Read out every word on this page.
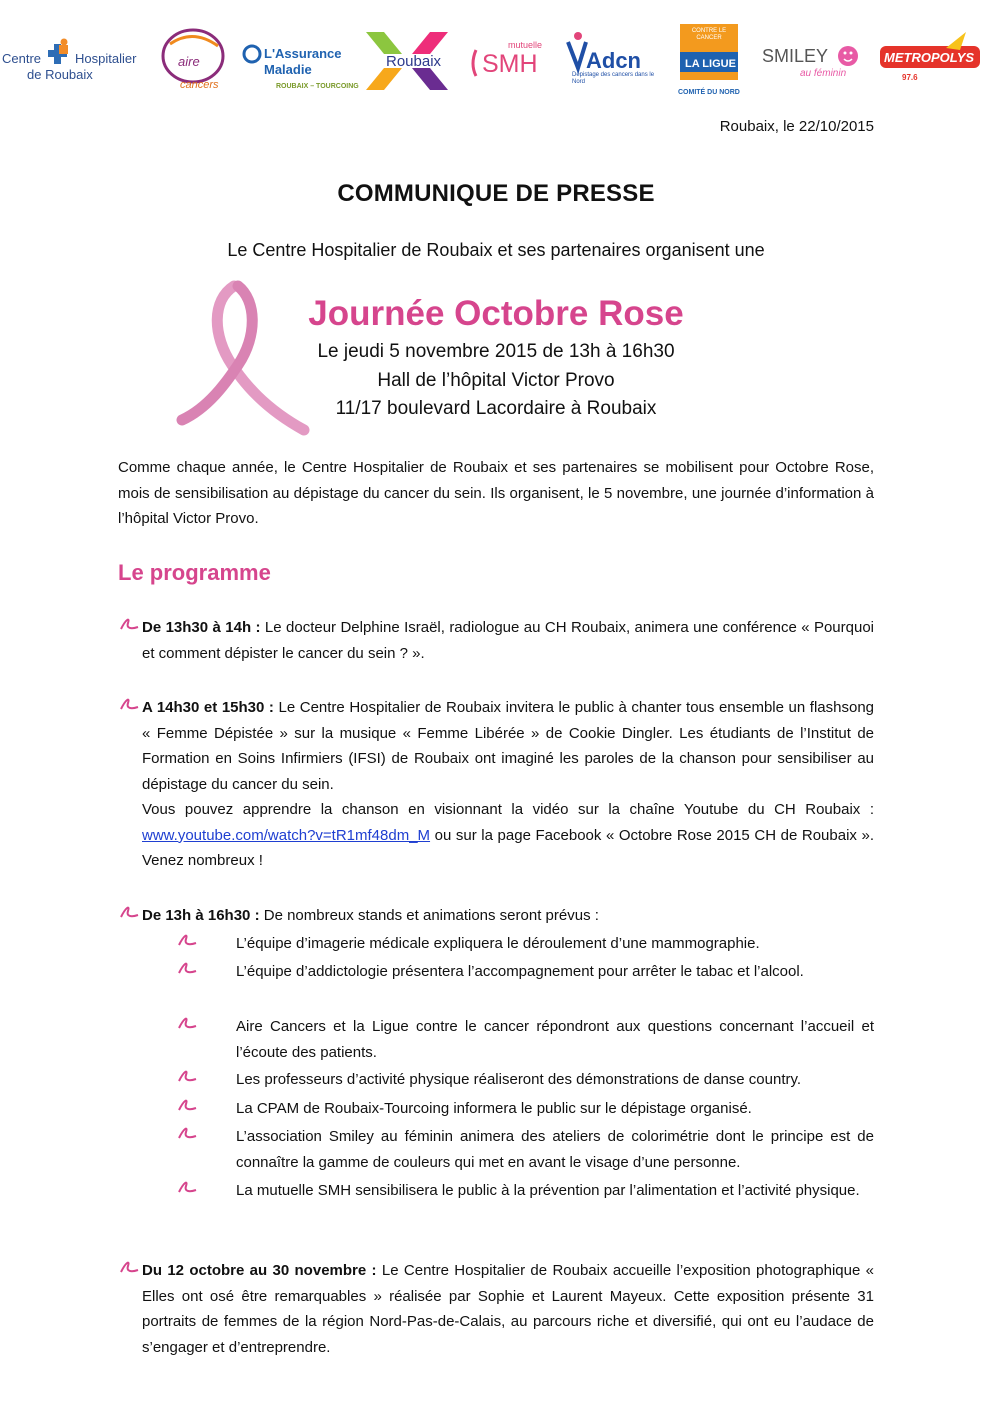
Centre	Hospitalier
de Roubaix
aire
cancers
L'Assurance
Maladie
ROUBAIX – TOURCOING
Roubaix
mutuelle
SMH Adcn
Dépistage des cancers dans le Nord
CONTRE LE CANCER
LA LIGUE
COMITÉ DU NORD
SMILEY
au féminin
METROPOLYS
97.6
Roubaix, le 22/10/2015
COMMUNIQUE DE PRESSE
Le Centre Hospitalier de Roubaix et ses partenaires organisent une
Journée Octobre Rose
Le jeudi 5 novembre 2015 de 13h à 16h30
Hall de l’hôpital Victor Provo
11/17 boulevard Lacordaire à Roubaix
Comme chaque année, le Centre Hospitalier de Roubaix et ses partenaires se mobilisent pour Octobre Rose, mois de sensibilisation au dépistage du cancer du sein. Ils organisent, le 5 novembre, une journée d’information à l’hôpital Victor Provo.
Le programme
De 13h30 à 14h : Le docteur Delphine Israël, radiologue au CH Roubaix, animera une conférence « Pourquoi et comment dépister le cancer du sein ? ».
A 14h30 et 15h30 : Le Centre Hospitalier de Roubaix invitera le public à chanter tous ensemble un flashsong « Femme Dépistée » sur la musique « Femme Libérée » de Cookie Dingler. Les étudiants de l’Institut de Formation en Soins Infirmiers (IFSI) de Roubaix ont imaginé les paroles de la chanson pour sensibiliser au dépistage du cancer du sein.
Vous pouvez apprendre la chanson en visionnant la vidéo sur la chaîne Youtube du CH Roubaix : www.youtube.com/watch?v=tR1mf48dm_M ou sur la page Facebook « Octobre Rose 2015 CH de Roubaix ». Venez nombreux !
De 13h à 16h30 : De nombreux stands et animations seront prévus :
L’équipe d’imagerie médicale expliquera le déroulement d’une mammographie.
L’équipe d’addictologie présentera l’accompagnement pour arrêter le tabac et l’alcool.
Aire Cancers et la Ligue contre le cancer répondront aux questions concernant l’accueil et l’écoute des patients.
Les professeurs d’activité physique réaliseront des démonstrations de danse country.
La CPAM de Roubaix-Tourcoing informera le public sur le dépistage organisé.
L’association Smiley au féminin animera des ateliers de colorimétrie dont le principe est de connaître la gamme de couleurs qui met en avant le visage d’une personne.
La mutuelle SMH sensibilisera le public à la prévention par l’alimentation et l’activité physique.
Du 12 octobre au 30 novembre : Le Centre Hospitalier de Roubaix accueille l’exposition photographique « Elles ont osé être remarquables » réalisée par Sophie et Laurent Mayeux. Cette exposition présente 31 portraits de femmes de la région Nord-Pas-de-Calais, au parcours riche et diversifié, qui ont eu l’audace de s’engager et d’entreprendre.
